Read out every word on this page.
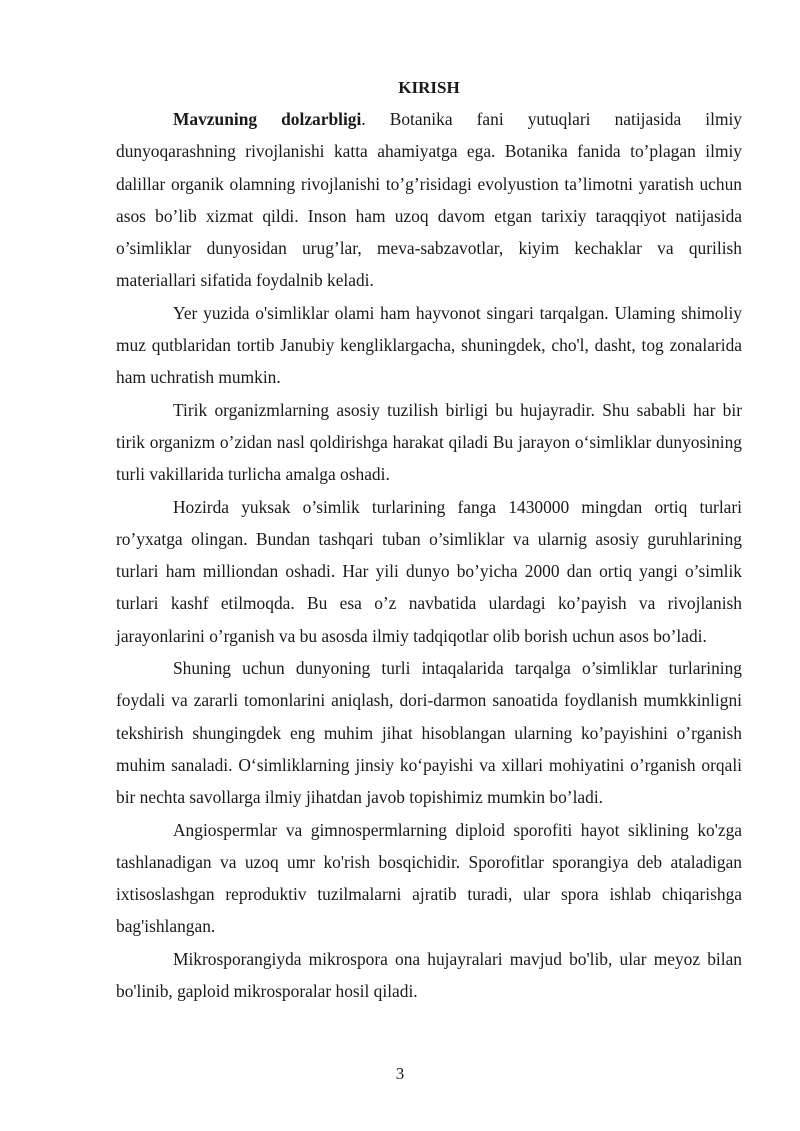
KIRISH

Mavzuning dolzarbligi. Botanika fani yutuqlari natijasida ilmiy dunyoqarashning rivojlanishi katta ahamiyatga ega. Botanika fanida to’plagan ilmiy dalillar organik olamning rivojlanishi to’g’risidagi evolyustion ta’limotni yaratish uchun asos bo’lib xizmat qildi. Inson ham uzoq davom etgan tarixiy taraqqiyot natijasida o’simliklar dunyosidan urug’lar, meva-sabzavotlar, kiyim kechaklar va qurilish materiallari sifatida foydalnib keladi.

Yer yuzida o'simliklar olami ham hayvonot singari tarqalgan. Ulaming shimoliy muz qutblaridan tortib Janubiy kengliklargacha, shuningdek, cho'l, dasht, tog zonalarida ham uchratish mumkin.

Tirik organizmlarning asosiy tuzilish birligi bu hujayradir. Shu sababli har bir tirik organizm o’zidan nasl qoldirishga harakat qiladi Bu jarayon o‘simliklar dunyosining turli vakillarida turlicha amalga oshadi.

Hozirda yuksak o’simlik turlarining fanga 1430000 mingdan ortiq turlari ro’yxatga olingan. Bundan tashqari tuban o’simliklar va ularnig asosiy guruhlarining turlari ham milliondan oshadi. Har yili dunyo bo’yicha 2000 dan ortiq yangi o’simlik turlari kashf etilmoqda. Bu esa o’z navbatida ulardagi ko’payish va rivojlanish jarayonlarini o’rganish va bu asosda ilmiy tadqiqotlar olib borish uchun asos bo’ladi.

Shuning uchun dunyoning turli intaqalarida tarqalga o’simliklar turlarining foydali va zararli tomonlarini aniqlash, dori-darmon sanoatida foydlanish mumkkinligni tekshirish shungingdek eng muhim jihat hisoblangan ularning ko’payishini o’rganish muhim sanaladi. O‘simliklarning jinsiy ko‘payishi va xillari mohiyatini o’rganish orqali bir nechta savollarga ilmiy jihatdan javob topishimiz mumkin bo’ladi.

Angiospermlar va gimnospermlarning diploid sporofiti hayot siklining ko'zga tashlanadigan va uzoq umr ko'rish bosqichidir. Sporofitlar sporangiya deb ataladigan ixtisoslashgan reproduktiv tuzilmalarni ajratib turadi, ular spora ishlab chiqarishga bag'ishlangan.

Mikrosporangiyda mikrospora ona hujayralari mavjud bo'lib, ular meyoz bilan bo'linib, gaploid mikrosporalar hosil qiladi.

3
